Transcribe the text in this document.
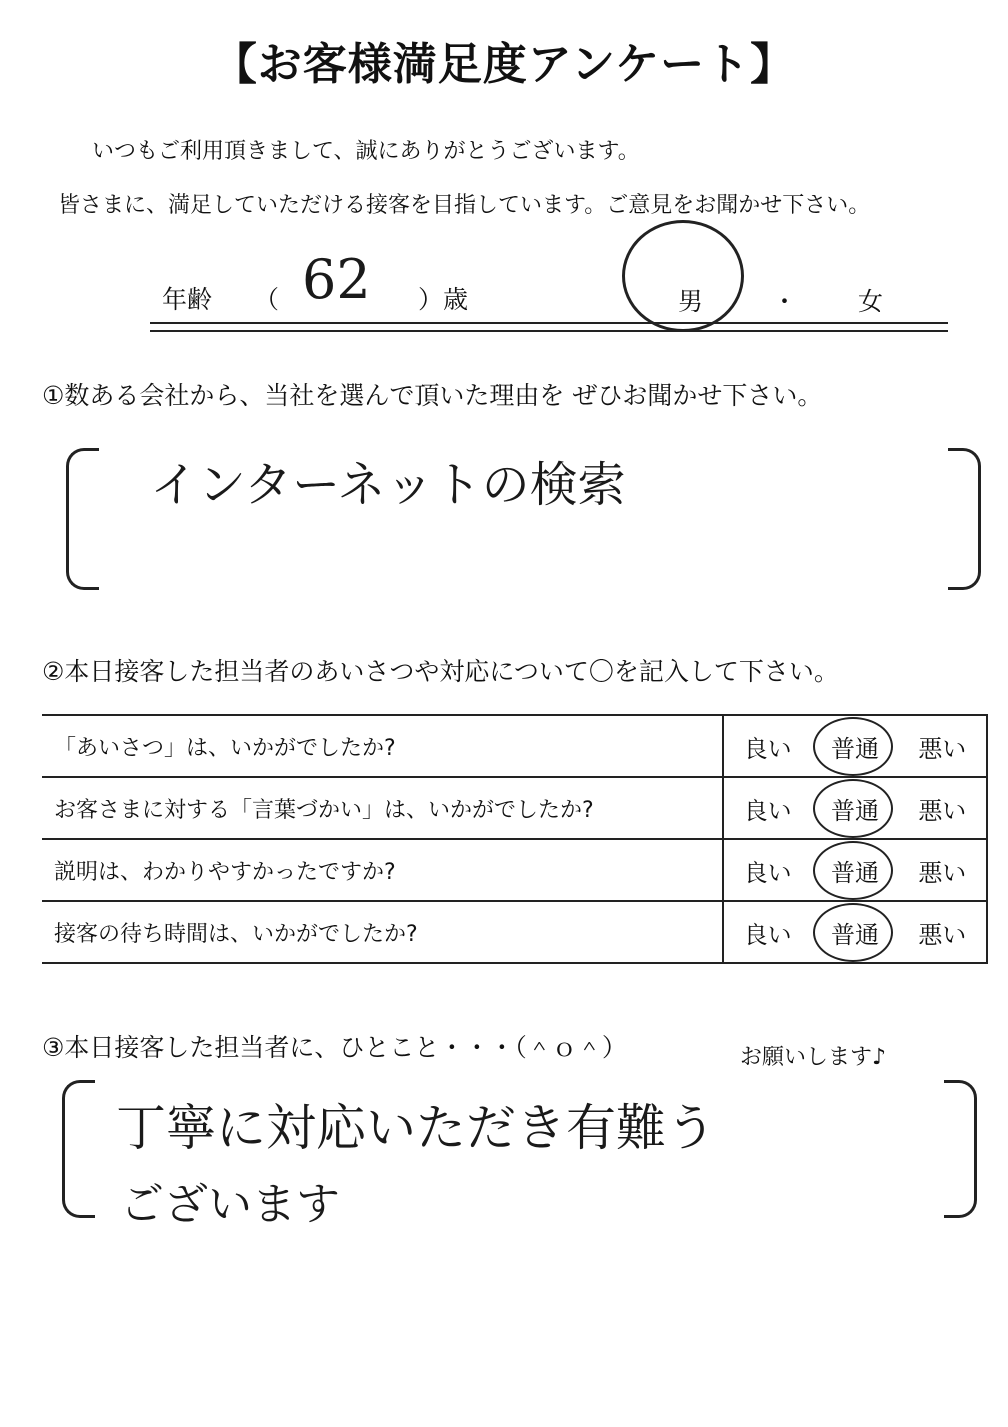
【お客様満足度アンケート】
いつもご利用頂きまして、誠にありがとうございます。
皆さまに、満足していただける接客を目指しています。ご意見をお聞かせ下さい。
年齢 （ 62 ）歳	男	・ 女
①数ある会社から、当社を選んで頂いた理由を ぜひお聞かせ下さい。
インターネットの検索
②本日接客した担当者のあいさつや対応について〇を記入して下さい。
「あいさつ」は、いかがでしたか?	良い 普通 悪い

お客さまに対する「言葉づかい」は、いかがでしたか?	良い 普通 悪い

説明は、わかりやすかったですか?	良い 普通 悪い

接客の待ち時間は、いかがでしたか?	良い 普通 悪い
③本日接客した担当者に、ひとこと・・・（＾ｏ＾）	お願いします♪
丁寧に対応いただき有難う
ございます
